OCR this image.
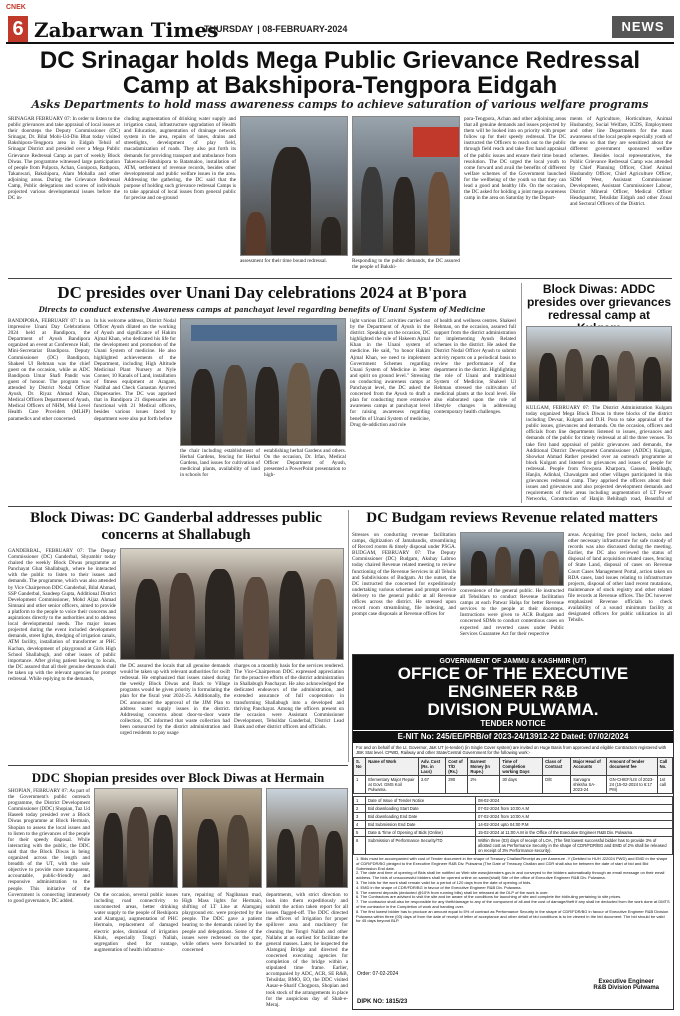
CNEK
6 Zabarwan Times
THURSDAY | 08-FEBRUARY-2024	NEWS
DC Srinagar holds Mega Public Grievance Redressal
Camp at Bakshipora-Tengpora Eidgah
Asks Departments to hold mass awareness camps to achieve saturation of various welfare programs
SRINAGAR FEBRUARY 07: In order to listen to the public grievances and take appraisal of local issues at their doorsteps the Deputy Commissioner (DC) Srinagar, Dr. Bilal Mohi-Ud-Din Bhat today visited Bakshipora-Tengpora area in Eidgah Tehsil of Srinagar District and presided over a Mega Public Grievance Redressal Camp as part of weekly Block Diwas. The programme witnessed large participation of people from Pulpora, Achan, Gonipora, Rathpora, Takanwari, Bakshipora, Alam Mohalla and other adjoining areas. During the Grievance Redressal Camp, Public delegations and scores of individuals projected various developmental issues before the DC in-
cluding augmentation of drinking water supply and irrigation canal, infrastructure upgradation of Health and Education, augmentation of drainage network system in the area, repairs of lanes, drains and streetlights, development of play field, macadamization of roads. They also put forth its demands for providing transport and ambulance from Takenwari-Bakshipora to Batamaloo, installation of ATM, settlement of revenue records, besides other developmental and public welfare issues in the area. Addressing the gathering, the DC said that the purpose of holding such grievance redressal Camps is to take appraisal of local issues from general public for precise and on-ground
assessment for their time bound redressal.	Responding to the public demands, the DC assured the people of Bakshi-
pora-Tengpora, Achan and other adjoining areas that all genuine demands and issues projected by them will be looked into on priority with proper follow up for their speedy redressal. The DC instructed the Officers to reach out to the public through field reach and take first hand appraisal of the public issues and ensure their time bound resolution. The DC urged the local youth to come forward and avail the benefits of different welfare schemes of the Government launched for the wellbeing of the youth so that they can lead a good and healthy life. On the occasion, the DC asked for holding a joint mega awareness camp in the area on Saturday by the Depart-
ments of Agriculture, Horticulture, Animal Husbandry, Social Welfare, ICDS, Employment and other line Departments for the mass awareness of the local people especially youth of the area so that they are sensitized about the different government sponsored welfare schemes. Besides local representatives, the Public Grievance Redressal Camp was attended by Chief Planning Officer, Chief Animal Husbandry Officer, Chief Agriculture Officer, SDM West, Assistant Commissioner Development, Assistant Commissioner Labour, District Mineral Officer, Medical Officer Headquarter, Tehsildar Eidgah and other Zonal and Sectoral Officers of the District.
DC presides over Unani Day celebrations 2024 at B'pora
Directs to conduct extensive Awareness camps at panchayat level regarding benefits of Unani System of Medicine
BANDIPORA, FEBRUARY 07: In an impressive Unani Day Celebrations 2024 held at Bandipora, the Department of Ayush Bandipora organized an event at Conference Hall, Mini-Secretariat Bandipora. Deputy Commissioner (DC) Bandipora, Shakeel Ul Rehman was the chief guest on the occasion, while as ADC Bandipora Umar Shafi Pandit was guest of honour. The program was attended by District Nodal Officer Ayush, Dr. Riyaz Ahmad Khan, Medical Officers Department of Ayush, Medical Officers of NHM, Mid Level Health Care Providers (MLHP) paramedics and other concerned.
In his welcome address, District Nodal Officer Ayush dilated on the working of Ayush and significance of Hakim Ajmal Khan, who dedicated his life for the development and promotion of the Unani System of medicine. He also highlighted achievements of the Department, including High Altitude Medicinal Plant Nursery at Nyle Conner, 10 Kanals of Land, installation of fitness equipment at Aragam, Nadihal and Check Ganastan Ayurved Dispensaries. The DC was apprised that in Bandipora 21 dispensaries are functional with 21 Medical officers, besides various issues faced by department were also put forth before
the chair including establishment of Herbal Gardens, fencing for Herbal Gardens, land issues for cultivation of medicinal plants, availability of land in schools for
establishing herbal Gardens and others. On the occasion, Dr. Irfan, Medical Officer Department of Ayush, presented a PowerPoint presentation to high-
light various IEC activities carried out by the Department of Ayush in the district. Speaking on the occasion, DC highlighted the role of Hakeem Ajmal Khan in the Unani system of medicine. He said, "to honor Hakim Ajmal Khan, we need to implement Government Schemes regarding Unani System of Medicine in letter and spirit on ground level." Stressing on conducting awareness camps at Panchayat level, the DC asked the concerned from the Ayush to draft a plan for conducting more extensive awareness camps at panchayat level for raising awareness regarding benefits of Unani System of medicine, Drug de-addiction and role
of health and wellness centres. Shakeel Rehman, on the occasion, assured full support from the district administration for implementing Ayush Related schemes in the district. He asked the District Nodal Officer Ayush to submit activity reports on a periodical basis to review the performance of the department in the district. Highlighting the role of Unani and traditional System of Medicine, Shakeel Ul Rehman stressed the cultivation of medicinal plants at the local level. He also elaborated upon the role of lifestyle changes in addressing contemporary health challenges.
Block Diwas: ADDC presides over grievances redressal camp at
KULGAM, FEBRUARY 07: The District Administration Kulgam today organized Mega Block Diwas in three blocks of the district including Devsar, Kulgam and D.H. Pora to take appraisal of the public issues, grievances and demands. On the occasion, officers and officials from line departments listened to issues, grievances and demands of the public for timely redressal at all the three venues. To take first hand appraisal of public grievances and demands, the Additional District Development Commissioner (ADDC) Kulgam, Showkat Ahmad Rather presided over an outreach programme at block Kulgam and listened to grievances and issues of people for redressal. People from Nowpora Kharpora, Gassen, Behibagh, Hanjin, Adinhal, Chawalgam and other villages participated in this grievances redressal camp. They apprised the officers about their issues and grievances and also projected development demands and requirements of their areas including augmentation of LT Power Networks, Construction of Hanjin Behibagh road, Beautiful of
Block Diwas: DC Ganderbal addresses public concerns at Shallabugh
GANDERBAL, FEBRUARY 07: The Deputy Commissioner (DC) Ganderbal, Shyambir today chaired the weekly Block Diwas programme at Panchayat Ghat Shallabugh, where he interacted with the public to listen to their issues and demands. The programme, which was also attended by Vice Chairperson DDC Ganderbal, Bilal Ahmad, SSP Ganderbal, Sandeep Gupta, Additional District Development Commissioner, Mohd Aijaz Ahmad Simnani and other senior officers, aimed to provide a platform to the people to voice their concerns and aspirations directly to the authorities and to address local developmental needs. The major issues projected during the event included development demands, street lights, dredging of irrigation canals, ATM facility, installation of transformer at PHC Kachan, development of playground at Girls High School Shallabugh, and other issues of public importance. After giving patient hearing to locals, the DC assured that all their genuine demands shall be taken up with the relevant agencies for prompt redressal. While replying to the demands,
the DC assured the locals that all genuine demands would be taken up with relevant authorities for swift redressal. He emphasized that issues raised during the weekly Block Diwas and Back to Village programs would be given priority in formulating the plan for the fiscal year 2024-25. Additionally, the DC announced the approval of the JJM Plan to address water supply issues in the district. Addressing concerns about door-to-door waste collection, DC informed that waste collection had been outsourced by the district administration and urged residents to pay usage
charges on a monthly basis for the services rendered. The Vice-Chairperson DDC expressed appreciation for the proactive efforts of the district administration in Shallabugh Panchayat. He also acknowledged the dedicated endeavors of the administration, and extended assurance of full cooperation in transforming Shallabugh into a developed and thriving Panchayat. Among the officers present on the occasion were Assistant Commissioner Development, Tehsildar Ganderbal, District Lead Bank and other district officers and officials.
DC Budgam reviews Revenue related matters
Stresses on conducting revenue facilitation camps, digitization of Jamabandis, streamlining of Record rooms & timely disposal under PSGA. BUDGAM, FEBRUARY 07: The Deputy Commissioner (DC) Budgam, Akshay Labroo today chaired Revenue related meeting to review functioning of the Revenue Services in all Tehsils and Subdivisions of Budgam. At the outset, the DC instructed the concerned for expeditiously undertaking various schemes and prompt service delivery to the general public at all Revenue offices across the district. He stressed upon record room streamlining, file indexing, and prompt case disposals at Revenue offices for
convenience of the general public. He instructed all Tehsildars to conduct Revenue facilitation camps at each Patwar Halqa for better Revenue services to the people at their doorsteps. Instructions were given to ACR Budgam and concerned SDMs to conduct contentious cases on expected and reverted cases under Public Services Guarantee Act for their respective
areas. Acquiring fire proof lockers, racks and other necessary infrastructure for safe custody of records was also discussed during the meeting. Earlier, the DC also reviewed the status of disposal of land acquisition related cases, fencing of State Land, disposal of cases on Revenue Court Cases Management Portal, action taken on RDA cases, land issues relating to infrastructure projects, disposal of other land recent mutations, maintenance of stock registry and other related file records at Revenue offices. The DC however emphasized Revenue officials to check availability of a sound minimum facility at designated officers for public utilization in all Tehsils.
GOVERNMENT OF JAMMU & KASHMIR (UT)
OFFICE OF THE EXECUTIVE ENGINEER R&B
DIVISION PULWAMA.
TENDER NOTICE
E-NIT No: 245/EE/PRB/of 2023-24/13912-22 Dated: 07/02/2024
For and on behalf of the Lt. Governor, J&K UT (e-tender) (in Single Cover system) are invited on Huge Basis from approved and eligible Contractors registered with JBK Stat level. CPWD, Railway and other State/Central Government for the following work:-
S. No	Name of Work	Adv. Cost (Rs. in Lacs)	Cost of T/D (Rs.)	Earnest Money (In Rupe.)	Time of Completion working Days	Class of Contract	Major Head of Accounts	Amount of tender document fee	Call No.
1	Elementary Major Repair at Govt. GMS Koil Pulwama.	3.67	290	2%	30 days	D/E	Sarvagra shiksha SA-2023-24	GN-CHIEF/LIS of 2023-24 (15-02-2024 to 6:17 PM)	1st call
1	Date of Issue of Tender Notice	08-02-2024
2	Bid downloading Start Date	07-02-2024 from 10:00 A.M
3	Bid downloading End Date	07-02-2024 from 10:00 A.M
4	Bid Submission End Date	14-02-2024 upto 04:00 P.M
5	Date & Time of Opening of Bids (Online)	15-02-2024 at 11:00 A.M in the Office of the Executive Engineer R&B Div. Pulwama
6	Submission of Performance Security/TD	Within three (03) days of receipt of LOA, (The first lowest successful bidder has to provide 3% of allotted cost as Performance Security in the shape of CDR/FDR/BG and EMD of 2% shall be released on receipt of 3% Performance security).
1. Bids must be accompanied with cost of Tender document in the shape of Treasury Challan/Receipt as per Annexure -Y (Debited to HUH J22024 PWD) and EMD in the shape of CDR/FDR/BG pledged to the Executive Engineer R&B Div. Pulwama (The Date of Treasury Challan and CDR shall also be between the date of start of bid and Bid Submission End date.
2. The date and time of opening of Bids shall be notified on Web site www.jktenders.gov.in and conveyed to the bidders automatically through an email message on their email address. The bids of unsuccessful bidders shall be opened online on same/(shall) Site of the office of Executive Engineer R&B Div. Pulwama.
3. The bids for the work shall remain valid for a period of 120 days from the date of opening of bids.
4. EMD in the shape of CDR/FDR/BG in favour of the Executive Engineer R&B Div. Pulwama.
5. The earnest deposits (deducted @10% from running bills) shall be released at the DLP of the work is over.
6. The Contractors are advised to visit the site and be aware of the conditions for launching of site and complete the bid/ruling pertaining to site prices.
7. The contractor shall also be responsible for any theft/damage to any of the component of all and the cost of damage/theft if any shall be deducted from the work done at DMTS of the contractor in the Completion of work and handing over.
8. The first lowest bidder has to produce an amount equal to 5% of contract as Performance Security in the shape of CDR/FDR/BG in favour of Executive Engineer R&B Division Pulwama within three (03) days of from the date of receipt of letter of acceptance and other detail of bid conditions is to be viewed in the bid document. The bid should be valid for 45 days beyond BLP.
Order: 07-02-2024
DIPK NO: 1815/23
Executive Engineer
R&B Division Pulwama
DDC Shopian presides over Block Diwas at Hermain
SHOPIAN, FEBRUARY 07: As part of the Government's public outreach programme, the District Development Commissioner (DDC) Shopian, Taz Ud Haseeb today presided over a Block Diwas programme at Block Hermain, Shopian to assess the local issues and to listen to the grievances of the people for their speedy disposal. While interacting with the public, the DDC said that the Block Diwas is being organized across the length and breadth of the UT, with the sole objective to provide more transparent, accountable, public-friendly and responsive administration to the people. This initiative of the Government is connecting immensely to good governance, DC added.
On the occasion, several public issues including road connectivity to unconnected areas, better drinking water supply to the people of Reshipora and Alamganj, augmentation of PHC Hermain, replacement of damaged electric poles, dismissal of irrigation Khuls, especially Tongri Nallah, segregation shed for vantage, augmentation of health infrastruc-
ture, repairing of Nagibanan mad, High Mass lights for Hermain, shifting of LT Line at Alamganj playground etc. were projected by the people. The DDC gave a patient hearing to the demands raised by the people and delegations. Some of the issues were redressed on the spot, while others were forwarded to the concerned
departments, with strict direction to look into them expeditiously and submit the action taken report for all issues flagged-off. The DDC directed the officers of Irrigation for proper spillover area and machinery for cleaning the Tongri Nallah and other Nallahs at an earliest for facilitate the general masses. Later, he inspected the Alamganj Bridge and directed the concerned executing agencies for completion of the bridge within a stipulated time frame. Earlier, accompanied by ADC, ACR, SE R&B, Tehsildar, BMO, EO, the DDC visited Aasar-e-Sharif Chogpora, Shopian and took stock of the arrangements in place for the auspicious day of Shab-e-Meraj.
